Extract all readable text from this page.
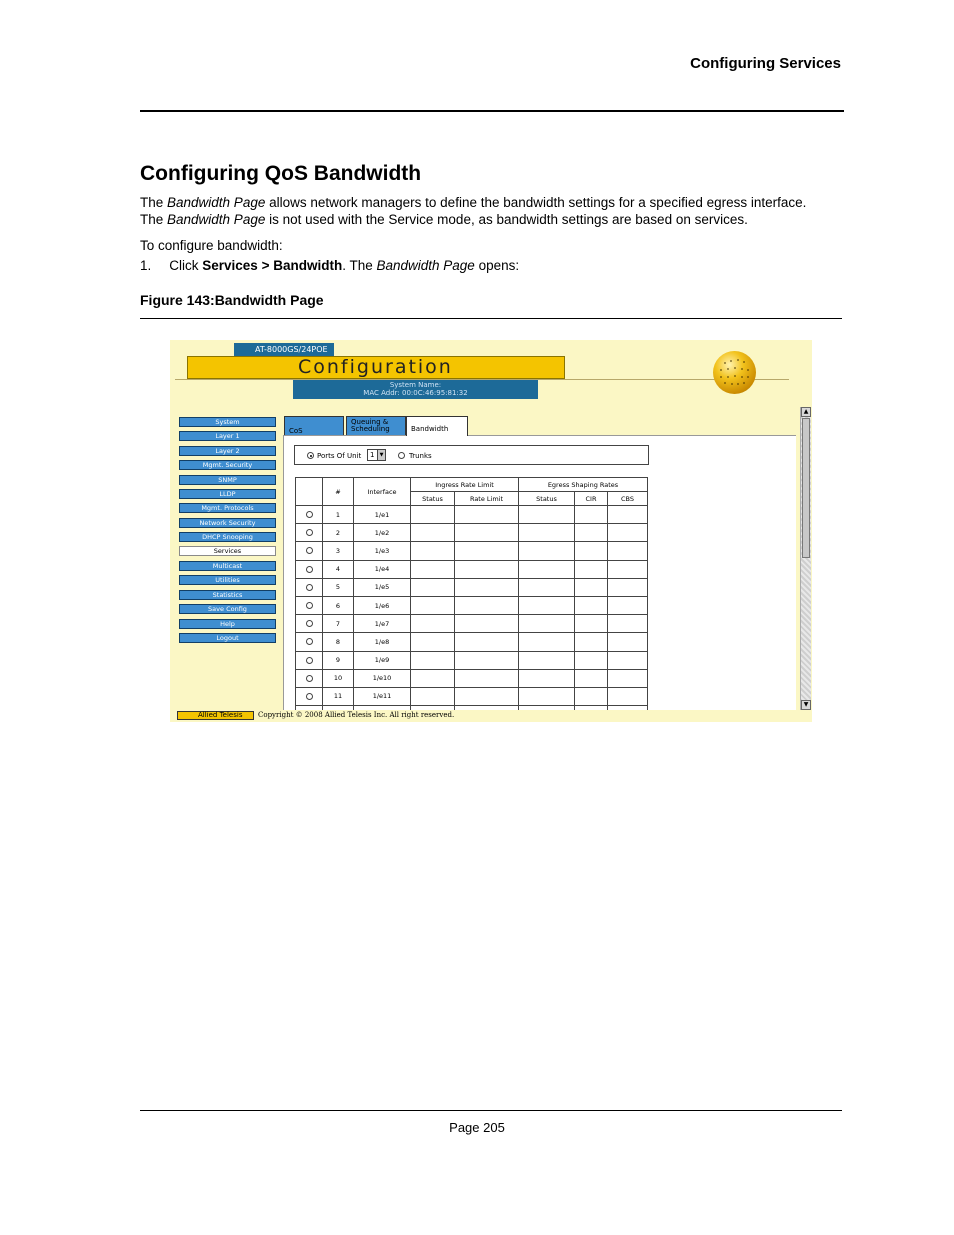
Configuring Services
Configuring QoS Bandwidth
The Bandwidth Page allows network managers to define the bandwidth settings for a specified egress interface.
The Bandwidth Page is not used with the Service mode, as bandwidth settings are based on services.
To configure bandwidth:
1. Click Services > Bandwidth. The Bandwidth Page opens:
Figure 143:Bandwidth Page
AT-8000GS/24POE
Configuration
System Name:
MAC Addr: 00:0C:46:95:81:32
System
Layer 1
Layer 2
Mgmt. Security
SNMP
LLDP
Mgmt. Protocols
Network Security
DHCP Snooping
Services
Multicast
Utilities
Statistics
Save Config
Help
Logout
CoS
Queuing &
Scheduling	Bandwidth
Ports Of Unit 1	▼	Trunks
	#	Interface	Ingress Rate Limit		Egress Shaping Rates		
			Status	Rate Limit	Status	CIR	CBS
	1	1/e1					
	2	1/e2					
	3	1/e3					
	4	1/e4					
	5	1/e5					
	6	1/e6					
	7	1/e7					
	8	1/e8					
	9	1/e9					
	10	1/e10					
	11	1/e11					

▲
▼
Allied Telesis	Copyright © 2008 Allied Telesis Inc. All right reserved.
Page 205
